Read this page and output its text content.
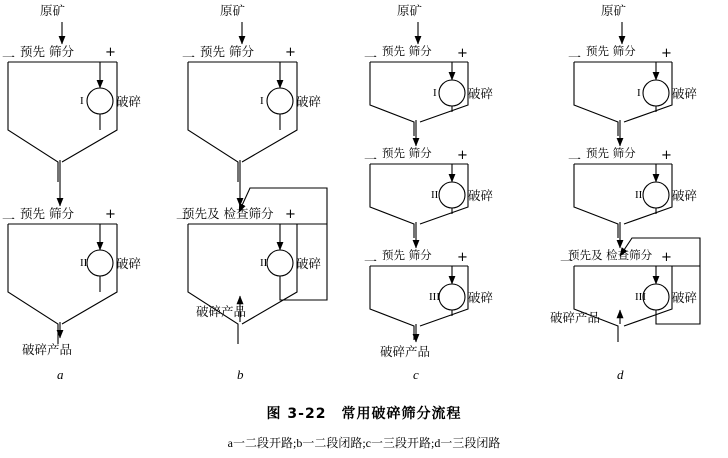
原矿
预先 筛分 +
一
I	破碎
预先 筛分 +
一
II 破碎
破碎产品
a
原矿
预先 筛分 +
一
I	破碎
预先及 检查筛分 +
一
II 破碎
破碎产品
b
原矿
预先 筛分 +
一
I	破碎
预先 筛分 +
一
II 破碎
预先 筛分 +
一
III 破碎
破碎产品
c
原矿
预先 筛分 +
一
I	破碎
预先 筛分 +
一
II 破碎
预先及 检查筛分 +
一
III 破碎
破碎产品
d
图 3-22　常用破碎筛分流程
a一二段开路;b一二段闭路;c一三段开路;d一三段闭路
